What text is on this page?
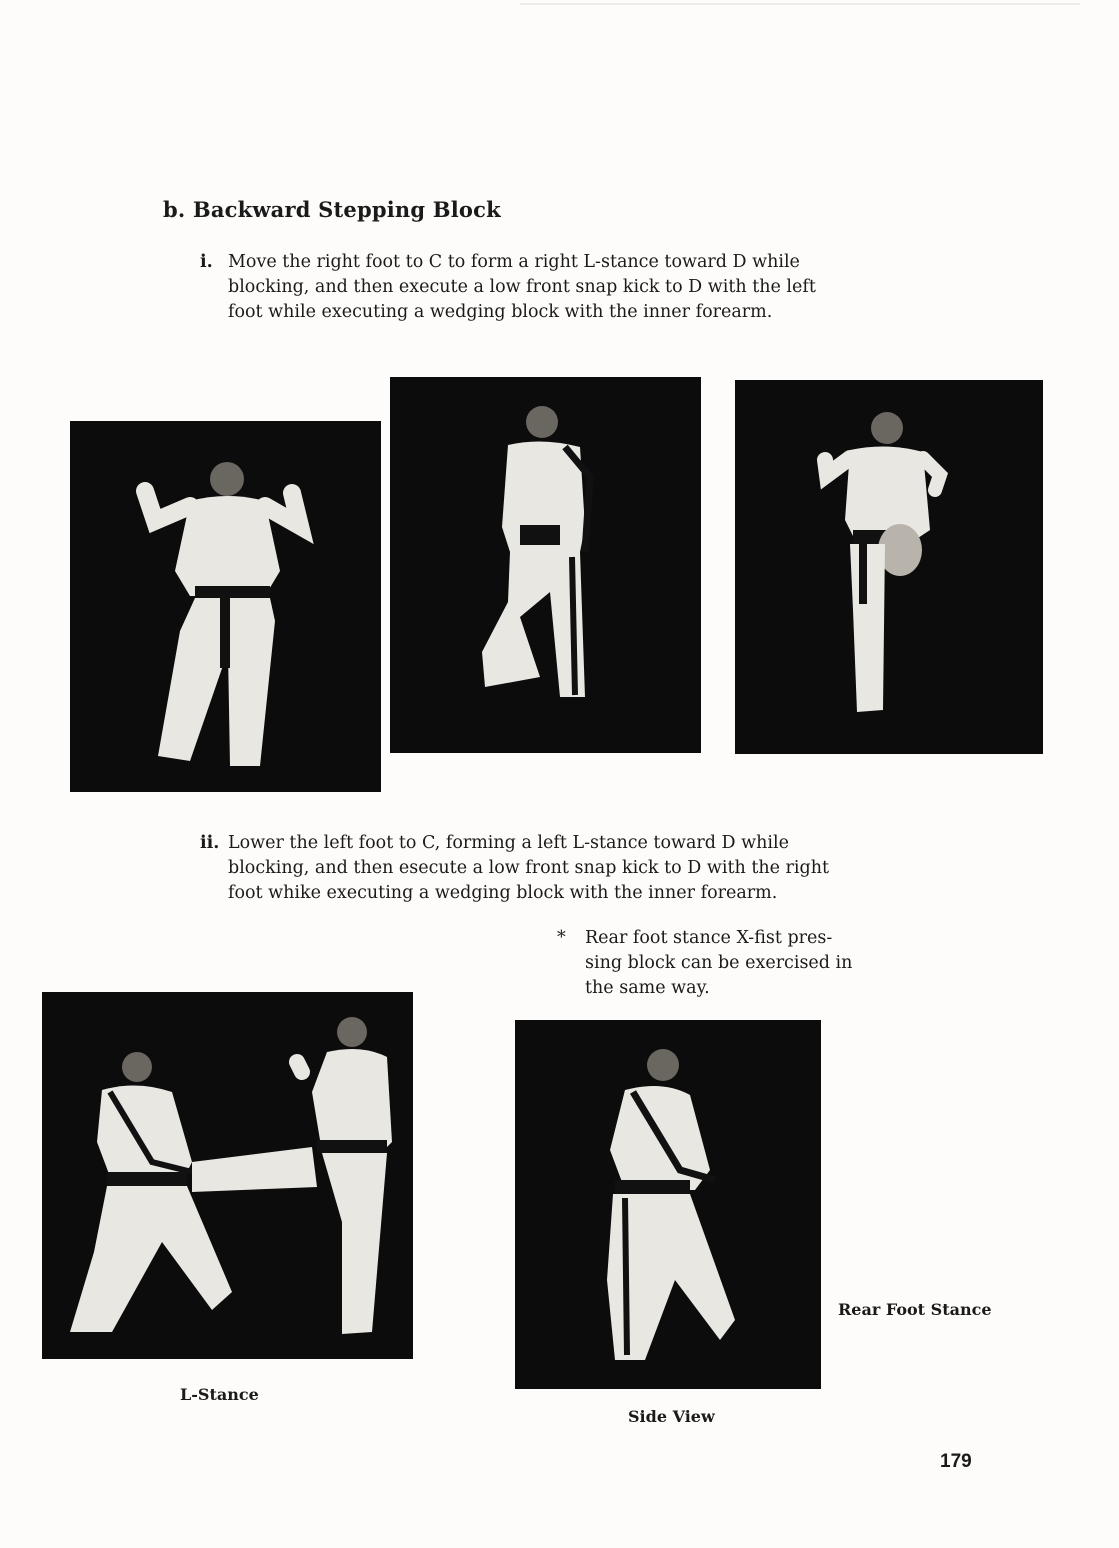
b. Backward Stepping Block
i. Move the right foot to C to form a right L-stance toward D while
blocking, and then execute a low front snap kick to D with the left
foot while executing a wedging block with the inner forearm.
ii. Lower the left foot to C, forming a left L-stance toward D while
blocking, and then esecute a low front snap kick to D with the right
foot whike executing a wedging block with the inner forearm.
* Rear foot stance X-fist pres-
sing block can be exercised in
the same way.
L-Stance
Side View
Rear Foot Stance
179
